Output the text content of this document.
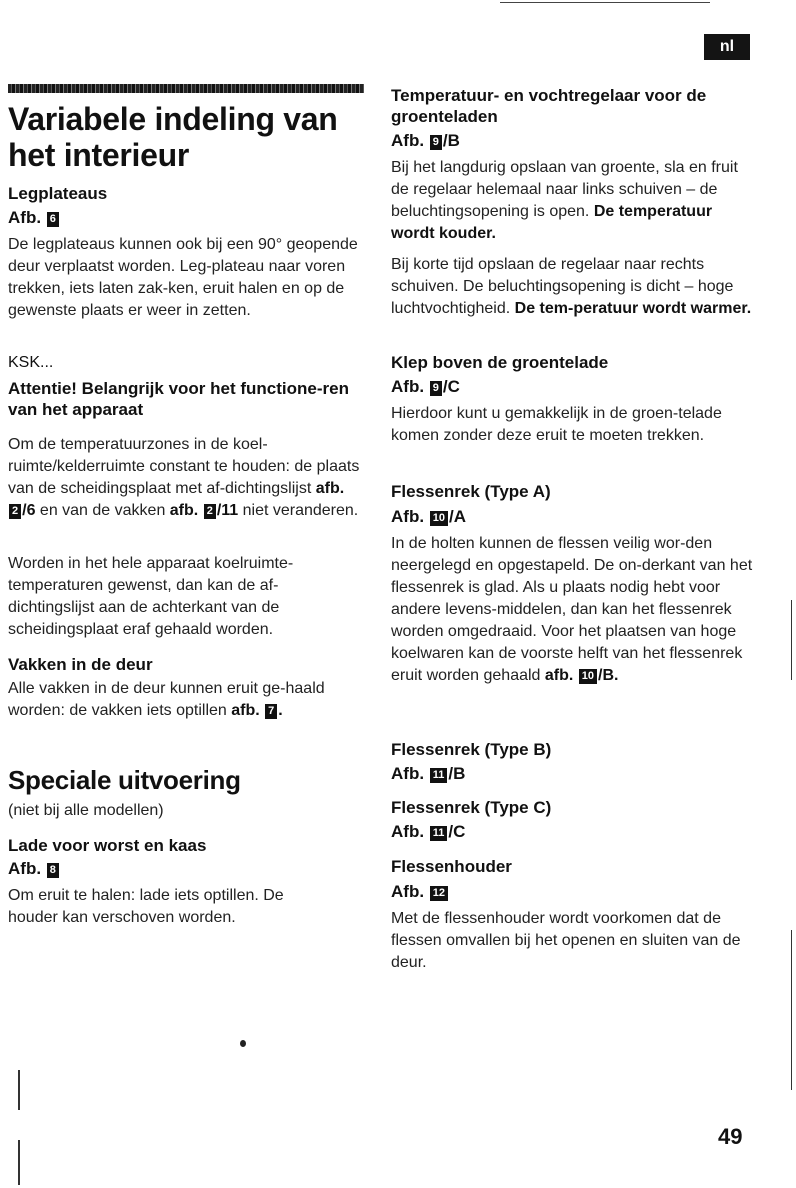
nl
Variabele indeling van het interieur
Legplateaus

Afb. 6

De legplateaus kunnen ook bij een 90° geopende deur verplaatst worden. Leg-plateau naar voren trekken, iets laten zak-ken, eruit halen en op de gewenste plaats er weer in zetten.

KSK...

Attentie! Belangrijk voor het functione-ren van het apparaat

Om de temperatuurzones in de koel-ruimte/kelderruimte constant te houden: de plaats van de scheidingsplaat met af-dichtingslijst afb. 2 /6 en van de vakken afb. 2 /11 niet veranderen.

Worden in het hele apparaat koelruimte-temperaturen gewenst, dan kan de af-dichtingslijst aan de achterkant van de scheidingsplaat eraf gehaald worden.

Vakken in de deur

Alle vakken in de deur kunnen eruit ge-haald worden: de vakken iets optillen afb. 7 .

Speciale uitvoering

(niet bij alle modellen)

Lade voor worst en kaas

Afb. 8

Om eruit te halen: lade iets optillen. De houder kan verschoven worden.

Temperatuur- en vochtregelaar voor de groenteladen

Afb. 9 /B

Bij het langdurig opslaan van groente, sla en fruit de regelaar helemaal naar links schuiven – de beluchtingsopening is open. De temperatuur wordt kouder.

Bij korte tijd opslaan de regelaar naar rechts schuiven. De beluchtingsopening is dicht – hoge luchtvochtigheid. De tem-peratuur wordt warmer.

Klep boven de groentelade

Afb. 9 /C

Hierdoor kunt u gemakkelijk in de groen-telade komen zonder deze eruit te moeten trekken.

Flessenrek (Type A)

Afb. 10 /A

In de holten kunnen de flessen veilig wor-den neergelegd en opgestapeld. De on-derkant van het flessenrek is glad. Als u plaats nodig hebt voor andere levens-middelen, dan kan het flessenrek worden omgedraaid. Voor het plaatsen van hoge koelwaren kan de voorste helft van het flessenrek eruit worden gehaald afb. 10 /B.

Flessenrek (Type B)

Afb. 11 /B

Flessenrek (Type C)

Afb. 11 /C

Flessenhouder

Afb. 12

Met de flessenhouder wordt voorkomen dat de flessen omvallen bij het openen en sluiten van de deur.

49
